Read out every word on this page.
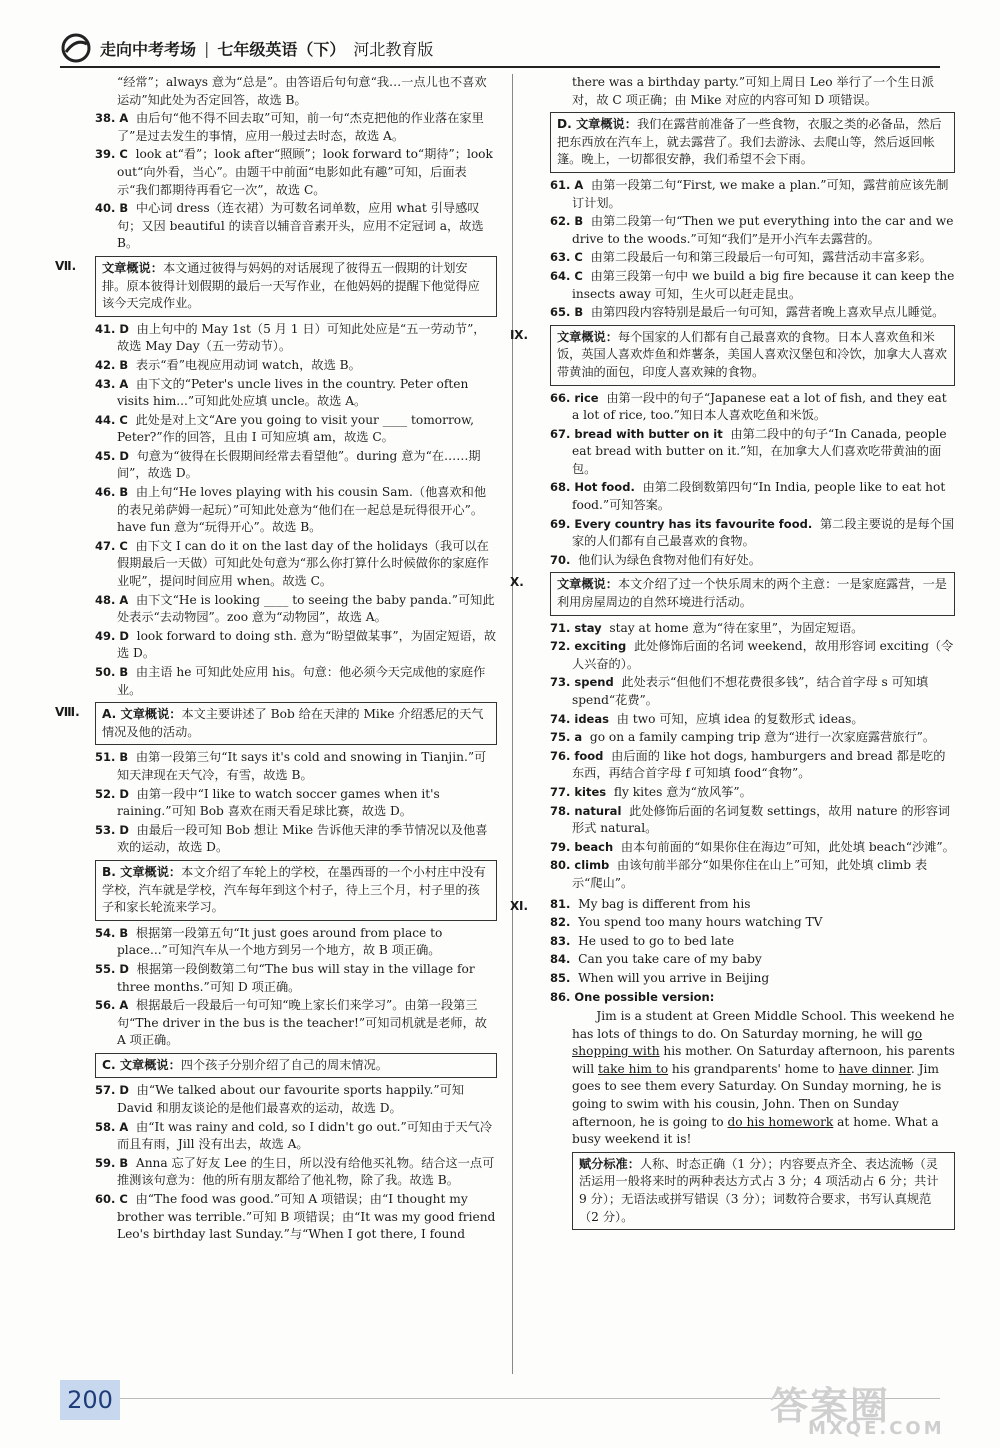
走向中考考场 | 七年级英语（下） 河北教育版
“经常”；always 意为“总是”。由答语后句句意“我…一点儿也不喜欢运动”知此处为否定回答，故选 B。
38. A 由后句“他不得不回去取”可知，前一句“杰克把他的作业落在家里了”是过去发生的事情，应用一般过去时态，故选 A。
39. C look at“看”；look after“照顾”；look forward to“期待”；look out“向外看，当心”。由题干中前面“电影如此有趣”可知，后面表示“我们都期待再看它一次”，故选 C。
40. B 中心词 dress（连衣裙）为可数名词单数，应用 what 引导感叹句；又因 beautiful 的读音以辅音音素开头，应用不定冠词 a，故选 B。
Ⅶ.	文章概说：本文通过彼得与妈妈的对话展现了彼得五一假期的计划安排。原本彼得计划假期的最后一天写作业，在他妈妈的提醒下他觉得应该今天完成作业。
41. D 由上句中的 May 1st（5 月 1 日）可知此处应是“五一劳动节”，故选 May Day（五一劳动节）。
42. B 表示“看”电视应用动词 watch，故选 B。
43. A 由下文的“Peter's uncle lives in the country. Peter often visits him...”可知此处应填 uncle。故选 A。
44. C 此处是对上文“Are you going to visit your ____ tomorrow, Peter?”作的回答，且由 I 可知应填 am，故选 C。
45. D 句意为“彼得在长假期间经常去看望他”。during 意为“在……期间”，故选 D。
46. B 由上句“He loves playing with his cousin Sam.（他喜欢和他的表兄弟萨姆一起玩）”可知此处意为“他们在一起总是玩得很开心”。have fun 意为“玩得开心”。故选 B。
47. C 由下文 I can do it on the last day of the holidays（我可以在假期最后一天做）可知此处句意为“那么你打算什么时候做你的家庭作业呢”，提问时间应用 when。故选 C。
48. A 由下文“He is looking ____ to seeing the baby panda.”可知此处表示“去动物园”。zoo 意为“动物园”，故选 A。
49. D look forward to doing sth. 意为“盼望做某事”，为固定短语，故选 D。
50. B 由主语 he 可知此处应用 his。句意：他必须今天完成他的家庭作业。
Ⅷ.	A. 文章概说：本文主要讲述了 Bob 给在天津的 Mike 介绍悉尼的天气情况及他的活动。
51. B 由第一段第三句“It says it's cold and snowing in Tianjin.”可知天津现在天气冷，有雪，故选 B。
52. D 由第一段中“I like to watch soccer games when it's raining.”可知 Bob 喜欢在雨天看足球比赛，故选 D。
53. D 由最后一段可知 Bob 想让 Mike 告诉他天津的季节情况以及他喜欢的运动，故选 D。
B. 文章概说：本文介绍了车轮上的学校，在墨西哥的一个小村庄中没有学校，汽车就是学校，汽车每年到这个村子，待上三个月，村子里的孩子和家长轮流来学习。
54. B 根据第一段第五句“It just goes around from place to place...”可知汽车从一个地方到另一个地方，故 B 项正确。
55. D 根据第一段倒数第二句“The bus will stay in the village for three months.”可知 D 项正确。
56. A 根据最后一段最后一句可知“晚上家长们来学习”。由第一段第三句“The driver in the bus is the teacher!”可知司机就是老师，故 A 项正确。
C. 文章概说：四个孩子分别介绍了自己的周末情况。
57. D 由“We talked about our favourite sports happily.”可知 David 和朋友谈论的是他们最喜欢的运动，故选 D。
58. A 由“It was rainy and cold, so I didn't go out.”可知由于天气冷而且有雨，Jill 没有出去，故选 A。
59. B Anna 忘了好友 Lee 的生日，所以没有给他买礼物。结合这一点可推测该句意为：他的所有朋友都给了他礼物，除了我。故选 B。
60. C 由“The food was good.”可知 A 项错误；由“I thought my brother was terrible.”可知 B 项错误；由“It was my good friend Leo's birthday last Sunday.”与“When I got there, I found
there was a birthday party.”可知上周日 Leo 举行了一个生日派对，故 C 项正确；由 Mike 对应的内容可知 D 项错误。
D. 文章概说：我们在露营前准备了一些食物，衣服之类的必备品，然后把东西放在汽车上，就去露营了。我们去游泳、去爬山等，然后返回帐篷。晚上，一切都很安静，我们希望不会下雨。
61. A 由第一段第二句“First, we make a plan.”可知，露营前应该先制订计划。
62. B 由第二段第一句“Then we put everything into the car and we drive to the woods.”可知“我们”是开小汽车去露营的。
63. C 由第二段最后一句和第三段最后一句可知，露营活动丰富多彩。
64. C 由第三段第一句中 we build a big fire because it can keep the insects away 可知，生火可以赶走昆虫。
65. B 由第四段内容特别是最后一句可知，露营者晚上喜欢早点儿睡觉。
Ⅸ.	文章概说：每个国家的人们都有自己最喜欢的食物。日本人喜欢鱼和米饭，英国人喜欢炸鱼和炸薯条，美国人喜欢汉堡包和冷饮，加拿大人喜欢带黄油的面包，印度人喜欢辣的食物。
66. rice 由第一段中的句子“Japanese eat a lot of fish, and they eat a lot of rice, too.”知日本人喜欢吃鱼和米饭。
67. bread with butter on it 由第二段中的句子“In Canada, people eat bread with butter on it.”知，在加拿大人们喜欢吃带黄油的面包。
68. Hot food. 由第二段倒数第四句“In India, people like to eat hot food.”可知答案。
69. Every country has its favourite food. 第二段主要说的是每个国家的人们都有自己最喜欢的食物。
70. 他们认为绿色食物对他们有好处。
Ⅹ.	文章概说：本文介绍了过一个快乐周末的两个主意：一是家庭露营，一是利用房屋周边的自然环境进行活动。
71. stay stay at home 意为“待在家里”，为固定短语。
72. exciting 此处修饰后面的名词 weekend，故用形容词 exciting（令人兴奋的）。
73. spend 此处表示“但他们不想花费很多钱”，结合首字母 s 可知填 spend“花费”。
74. ideas 由 two 可知，应填 idea 的复数形式 ideas。
75. a go on a family camping trip 意为“进行一次家庭露营旅行”。
76. food 由后面的 like hot dogs, hamburgers and bread 都是吃的东西，再结合首字母 f 可知填 food“食物”。
77. kites fly kites 意为“放风筝”。
78. natural 此处修饰后面的名词复数 settings，故用 nature 的形容词形式 natural。
79. beach 由本句前面的“如果你住在海边”可知，此处填 beach“沙滩”。
80. climb 由该句前半部分“如果你住在山上”可知，此处填 climb 表示“爬山”。
Ⅺ. 81. My bag is different from his
82. You spend too many hours watching TV
83. He used to go to bed late
84. Can you take care of my baby
85. When will you arrive in Beijing
86. One possible version:

Jim is a student at Green Middle School. This weekend he has lots of things to do. On Saturday morning, he will go shopping with his mother. On Saturday afternoon, his parents will take him to his grandparents' home to have dinner. Jim goes to see them every Saturday. On Sunday morning, he is going to swim with his cousin, John. Then on Sunday afternoon, he is going to do his homework at home. What a busy weekend it is!

赋分标准：人称、时态正确（1 分）；内容要点齐全、表达流畅（灵活运用一般将来时的两种表达方式占 3 分；4 项活动占 6 分；共计 9 分）；无语法或拼写错误（3 分）；词数符合要求，书写认真规范（2 分）。
200	答案圈
MXQE.COM
